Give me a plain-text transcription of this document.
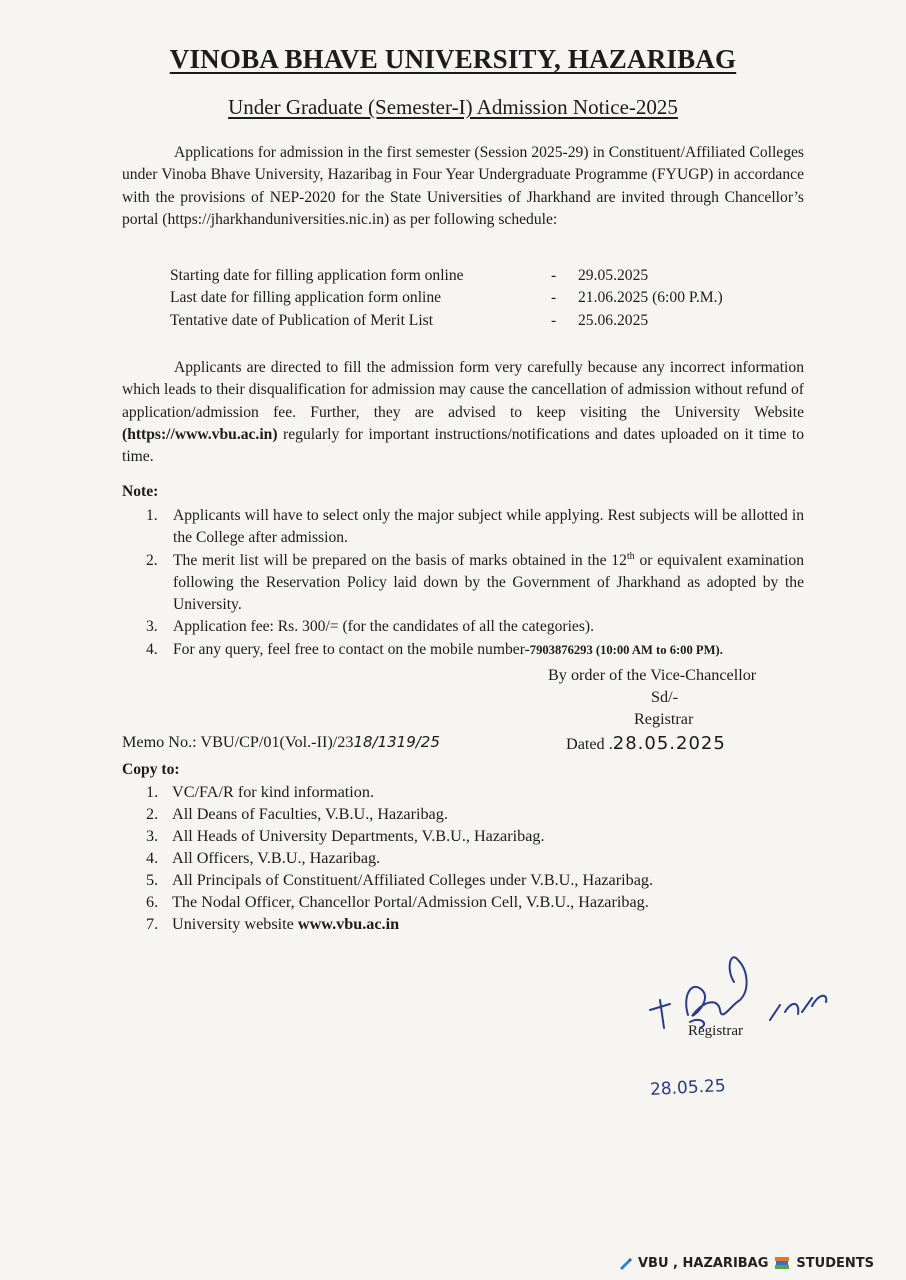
VINOBA BHAVE UNIVERSITY, HAZARIBAG
Under Graduate (Semester-I) Admission Notice-2025

Applications for admission in the first semester (Session 2025-29) in Constituent/Affiliated Colleges under Vinoba Bhave University, Hazaribag in Four Year Undergraduate Programme (FYUGP) in accordance with the provisions of NEP-2020 for the State Universities of Jharkhand are invited through Chancellor’s portal (https://jharkhanduniversities.nic.in) as per following schedule:

Starting date for filling application form online	- 29.05.2025
Last date for filling application form online	- 21.06.2025 (6:00 P.M.)
Tentative date of Publication of Merit List	- 25.06.2025

Applicants are directed to fill the admission form very carefully because any incorrect information which leads to their disqualification for admission may cause the cancellation of admission without refund of application/admission fee. Further, they are advised to keep visiting the University Website (https://www.vbu.ac.in) regularly for important instructions/notifications and dates uploaded on it time to time.

Note:
1. Applicants will have to select only the major subject while applying. Rest subjects will be allotted in the College after admission.
2. The merit list will be prepared on the basis of marks obtained in the 12th or equivalent examination following the Reservation Policy laid down by the Government of Jharkhand as adopted by the University.
3. Application fee: Rs. 300/= (for the candidates of all the categories).
4. For any query, feel free to contact on the mobile number-7903876293 (10:00 AM to 6:00 PM).
By order of the Vice-Chancellor
Sd/-
Registrar
Memo No.: VBU/CP/01(Vol.-II)/2318/1319/25	Dated .28.05.2025
Copy to:
1. VC/FA/R for kind information.
2. All Deans of Faculties, V.B.U., Hazaribag.
3. All Heads of University Departments, V.B.U., Hazaribag.
4. All Officers, V.B.U., Hazaribag.
5. All Principals of Constituent/Affiliated Colleges under V.B.U., Hazaribag.
6. The Nodal Officer, Chancellor Portal/Admission Cell, V.B.U., Hazaribag.
7. University website www.vbu.ac.in
Registrar
28.05.25
VBU , HAZARIBAG STUDENTS
